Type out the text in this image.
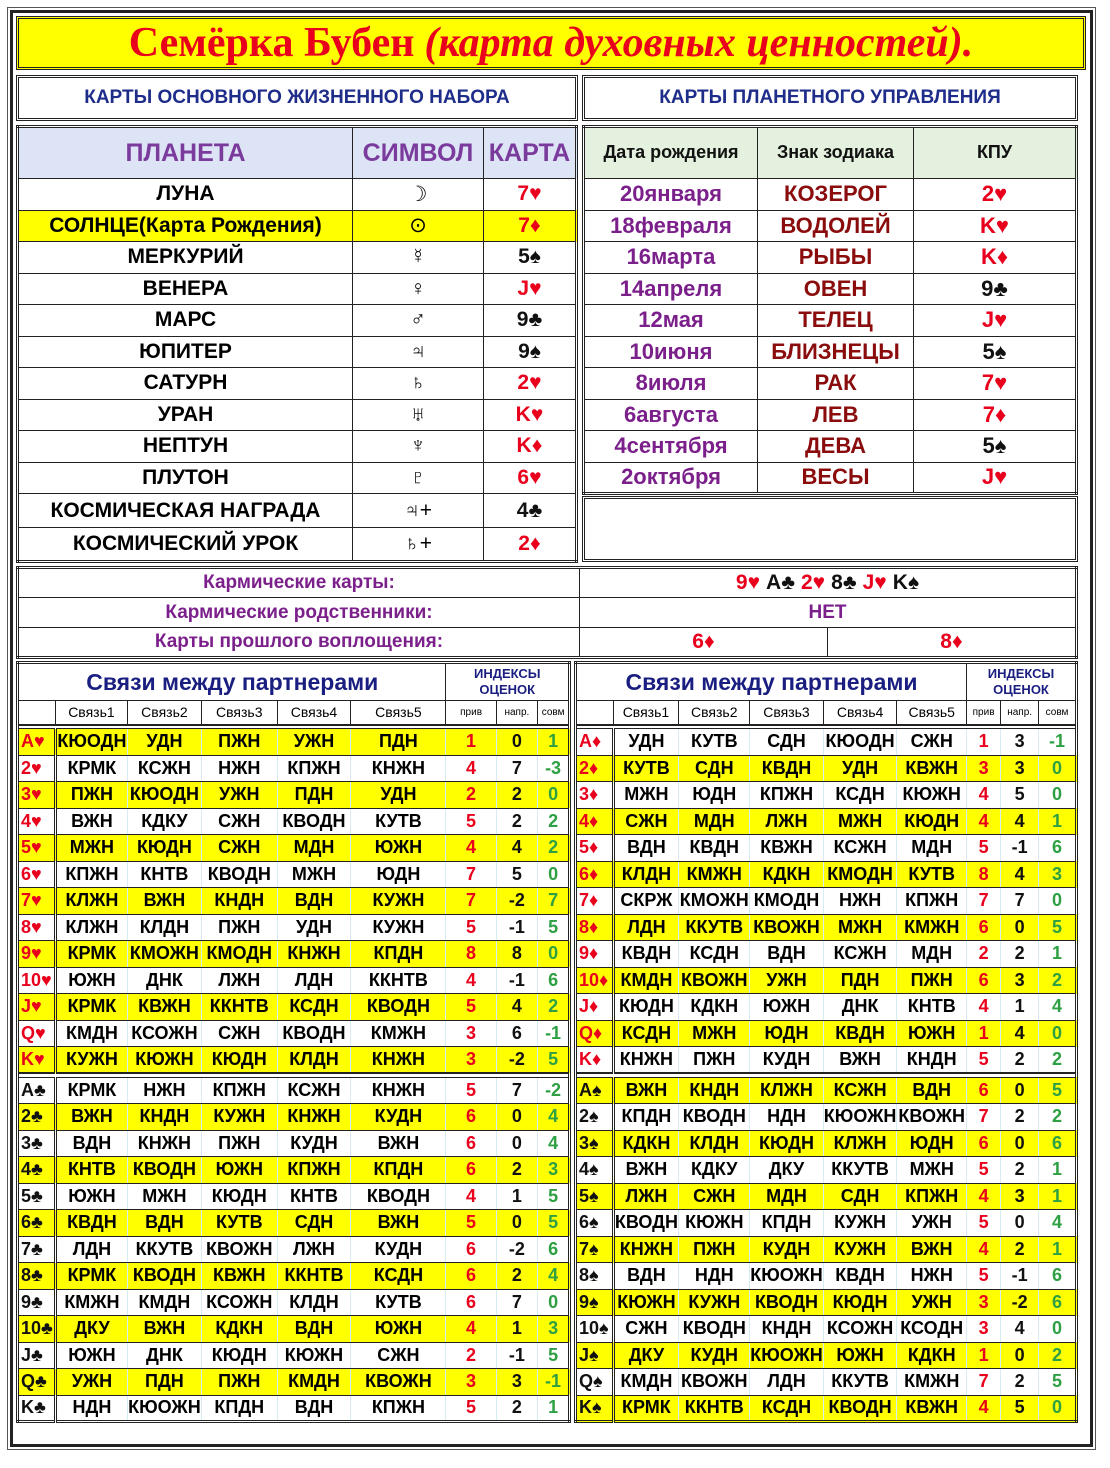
Семёрка Бубен (карта духовных ценностей).
КАРТЫ ОСНОВНОГО ЖИЗНЕННОГО НАБОРА	КАРТЫ ПЛАНЕТНОГО УПРАВЛЕНИЯ
ПЛАНЕТА	СИМВОЛ	КАРТА
ЛУНА	☽	7♥
СОЛНЦЕ(Карта Рождения)	⊙	7♦
МЕРКУРИЙ	☿	5♠
ВЕНЕРА	♀	J♥
МАРС	♂	9♣
ЮПИТЕР	♃	9♠
САТУРН	♄	2♥
УРАН	♅	K♥
НЕПТУН	♆	K♦
ПЛУТОН	♇	6♥
КОСМИЧЕСКАЯ НАГРАДА	♃+	4♣
КОСМИЧЕСКИЙ УРОК	♄+	2♦
Дата рождения	Знак зодиака	КПУ
20января	КОЗЕРОГ	2♥
18февраля	ВОДОЛЕЙ	K♥
16марта	РЫБЫ	K♦
14апреля	ОВЕН	9♣
12мая	ТЕЛЕЦ	J♥
10июня	БЛИЗНЕЦЫ	5♠
8июля	РАК	7♥
6августа	ЛЕВ	7♦
4сентября	ДЕВА	5♠
2октября	ВЕСЫ	J♥
Кармические карты:	9♥ A♣ 2♥ 8♣ J♥ K♠	
Кармические родственники:	НЕТ	
Карты прошлого воплощения:	6♦	8♦
Связи между партнерами						ИНДЕКСЫ
ОЦЕНОК		
	Связь1	Связь2	Связь3	Связь4	Связь5	прив	напр.	совм

A♥	КЮОДН	УДН	ПЖН	УЖН	ПДН	1	0	1
2♥	КРМК	КСЖН	НЖН	КПЖН	КНЖН	4	7	-3
3♥	ПЖН	КЮОДН	УЖН	ПДН	УДН	2	2	0
4♥	ВЖН	КДКУ	СЖН	КВОДН	КУТВ	5	2	2
5♥	МЖН	КЮДН	СЖН	МДН	ЮЖН	4	4	2
6♥	КПЖН	КНТВ	КВОДН	МЖН	ЮДН	7	5	0
7♥	КЛЖН	ВЖН	КНДН	ВДН	КУЖН	7	-2	7
8♥	КЛЖН	КЛДН	ПЖН	УДН	КУЖН	5	-1	5
9♥	КРМК	КМОЖН	КМОДН	КНЖН	КПДН	8	8	0
10♥	ЮЖН	ДНК	ЛЖН	ЛДН	ККНТВ	4	-1	6
J♥	КРМК	КВЖН	ККНТВ	КСДН	КВОДН	5	4	2
Q♥	КМДН	КСОЖН	СЖН	КВОДН	КМЖН	3	6	-1
K♥	КУЖН	КЮЖН	КЮДН	КЛДН	КНЖН	3	-2	5

A♣	КРМК	НЖН	КПЖН	КСЖН	КНЖН	5	7	-2
2♣	ВЖН	КНДН	КУЖН	КНЖН	КУДН	6	0	4
3♣	ВДН	КНЖН	ПЖН	КУДН	ВЖН	6	0	4
4♣	КНТВ	КВОДН	ЮЖН	КПЖН	КПДН	6	2	3
5♣	ЮЖН	МЖН	КЮДН	КНТВ	КВОДН	4	1	5
6♣	КВДН	ВДН	КУТВ	СДН	ВЖН	5	0	5
7♣	ЛДН	ККУТВ	КВОЖН	ЛЖН	КУДН	6	-2	6
8♣	КРМК	КВОДН	КВЖН	ККНТВ	КСДН	6	2	4
9♣	КМЖН	КМДН	КСОЖН	КЛДН	КУТВ	6	7	0
10♣	ДКУ	ВЖН	КДКН	ВДН	ЮЖН	4	1	3
J♣	ЮЖН	ДНК	КЮДН	КЮЖН	СЖН	2	-1	5
Q♣	УЖН	ПДН	ПЖН	КМДН	КВОЖН	3	3	-1
K♣	НДН	КЮОЖН	КПДН	ВДН	КПЖН	5	2	1
Связи между партнерами						ИНДЕКСЫ
ОЦЕНОК		
	Связь1	Связь2	Связь3	Связь4	Связь5	прив	напр.	совм

A♦	УДН	КУТВ	СДН	КЮОДН	СЖН	1	3	-1
2♦	КУТВ	СДН	КВДН	УДН	КВЖН	3	3	0
3♦	МЖН	ЮДН	КПЖН	КСДН	КЮЖН	4	5	0
4♦	СЖН	МДН	ЛЖН	МЖН	КЮДН	4	4	1
5♦	ВДН	КВДН	КВЖН	КСЖН	МДН	5	-1	6
6♦	КЛДН	КМЖН	КДКН	КМОДН	КУТВ	8	4	3
7♦	СКРЖ	КМОЖН	КМОДН	НЖН	КПЖН	7	7	0
8♦	ЛДН	ККУТВ	КВОЖН	МЖН	КМЖН	6	0	5
9♦	КВДН	КСДН	ВДН	КСЖН	МДН	2	2	1
10♦	КМДН	КВОЖН	УЖН	ПДН	ПЖН	6	3	2
J♦	КЮДН	КДКН	ЮЖН	ДНК	КНТВ	4	1	4
Q♦	КСДН	МЖН	ЮДН	КВДН	ЮЖН	1	4	0
K♦	КНЖН	ПЖН	КУДН	ВЖН	КНДН	5	2	2

A♠	ВЖН	КНДН	КЛЖН	КСЖН	ВДН	6	0	5
2♠	КПДН	КВОДН	НДН	КЮОЖН	КВОЖН	7	2	2
3♠	КДКН	КЛДН	КЮДН	КЛЖН	ЮДН	6	0	6
4♠	ВЖН	КДКУ	ДКУ	ККУТВ	МЖН	5	2	1
5♠	ЛЖН	СЖН	МДН	СДН	КПЖН	4	3	1
6♠	КВОДН	КЮЖН	КПДН	КУЖН	УЖН	5	0	4
7♠	КНЖН	ПЖН	КУДН	КУЖН	ВЖН	4	2	1
8♠	ВДН	НДН	КЮОЖН	КВДН	НЖН	5	-1	6
9♠	КЮЖН	КУЖН	КВОДН	КЮДН	УЖН	3	-2	6
10♠	СЖН	КВОДН	КНДН	КСОЖН	КСОДН	3	4	0
J♠	ДКУ	КУДН	КЮОЖН	ЮЖН	КДКН	1	0	2
Q♠	КМДН	КВОЖН	ЛДН	ККУТВ	КМЖН	7	2	5
K♠	КРМК	ККНТВ	КСДН	КВОДН	КВЖН	4	5	0
